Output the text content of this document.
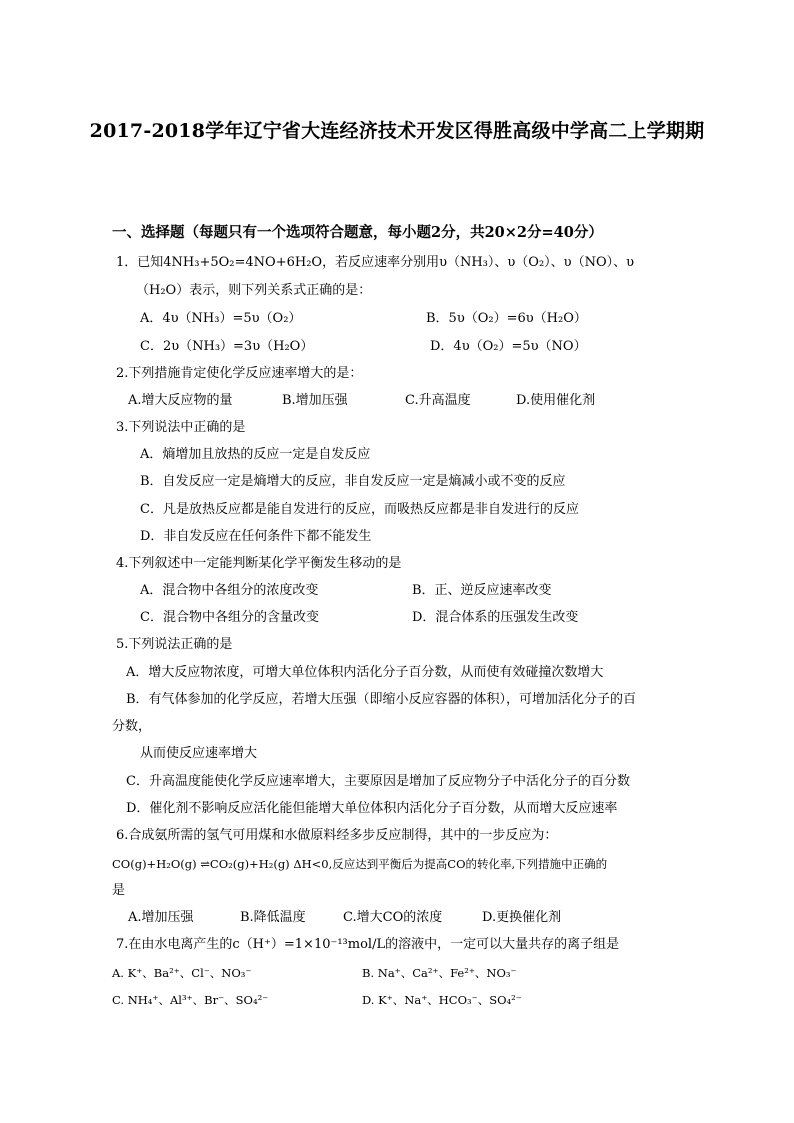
2017-2018学年辽宁省大连经济技术开发区得胜高级中学高二上学期期
一、选择题（每题只有一个选项符合题意，每小题2分，共20×2分=40分）
1．已知4NH₃+5O₂=4NO+6H₂O，若反应速率分别用υ（NH₃）、υ（O₂）、υ（NO）、υ
（H₂O）表示，则下列关系式正确的是：
A．4υ（NH₃）=5υ（O₂）	B．5υ（O₂）=6υ（H₂O）
C．2υ（NH₃）=3υ（H₂O）	D．4υ（O₂）=5υ（NO）
2.下列措施肯定使化学反应速率增大的是：
A.增大反应物的量	B.增加压强	C.升高温度	D.使用催化剂
3.下列说法中正确的是
A．熵增加且放热的反应一定是自发反应
B．自发反应一定是熵增大的反应，非自发反应一定是熵减小或不变的反应
C．凡是放热反应都是能自发进行的反应，而吸热反应都是非自发进行的反应
D．非自发反应在任何条件下都不能发生
4.下列叙述中一定能判断某化学平衡发生移动的是
A．混合物中各组分的浓度改变	B．正、逆反应速率改变
C．混合物中各组分的含量改变	D．混合体系的压强发生改变
5.下列说法正确的是
A．增大反应物浓度，可增大单位体积内活化分子百分数，从而使有效碰撞次数增大
B．有气体参加的化学反应，若增大压强（即缩小反应容器的体积），可增加活化分子的百
分数，
从而使反应速率增大
C．升高温度能使化学反应速率增大，主要原因是增加了反应物分子中活化分子的百分数
D．催化剂不影响反应活化能但能增大单位体积内活化分子百分数，从而增大反应速率
6.合成氨所需的氢气可用煤和水做原料经多步反应制得，其中的一步反应为：
CO(g)+H₂O(g) ⇌CO₂(g)+H₂(g) ΔH<0,反应达到平衡后为提高CO的转化率,下列措施中正确的
是
A.增加压强	B.降低温度	C.增大CO的浓度	D.更换催化剂
7.在由水电离产生的c（H⁺）=1×10⁻¹³mol/L的溶液中，一定可以大量共存的离子组是
A. K⁺、Ba²⁺、Cl⁻、NO₃⁻	B. Na⁺、Ca²⁺、Fe²⁺、NO₃⁻
C. NH₄⁺、Al³⁺、Br⁻、SO₄²⁻	D. K⁺、Na⁺、HCO₃⁻、SO₄²⁻
